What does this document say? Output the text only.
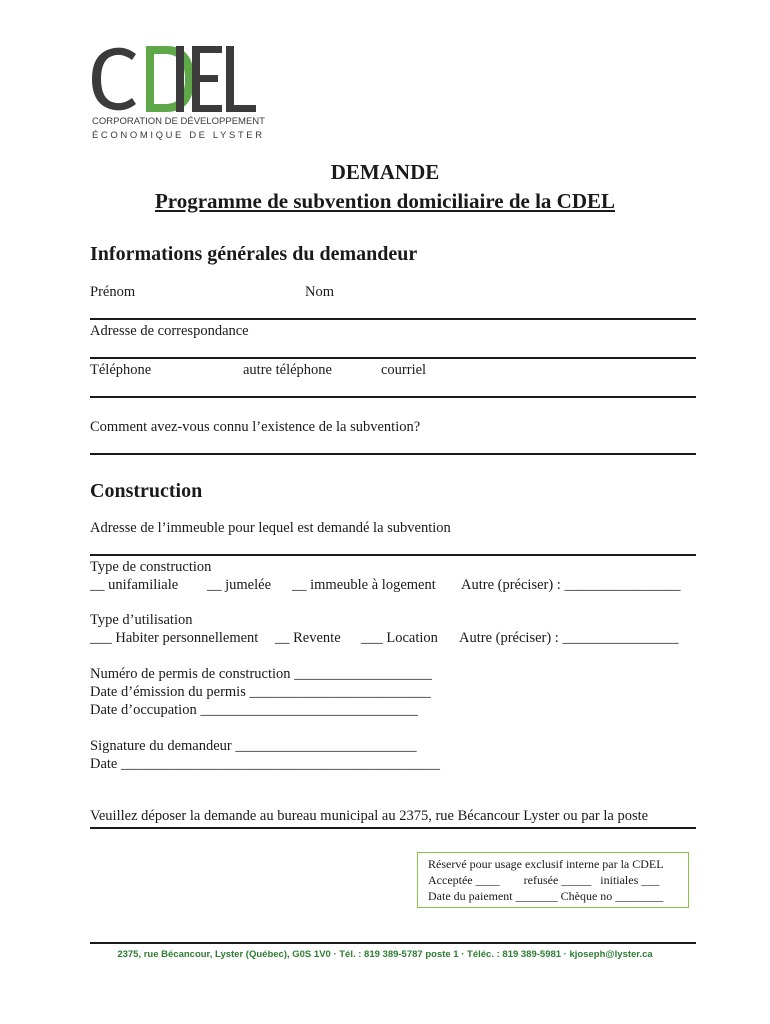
CORPORATION DE DÉVELOPPEMENT
ÉCONOMIQUE DE LYSTER
DEMANDE
Programme de subvention domiciliaire de la CDEL
Informations générales du demandeur
Prénom	Nom
Adresse de correspondance
Téléphone	autre téléphone	courriel
Comment avez-vous connu l’existence de la subvention?
Construction
Adresse de l’immeuble pour lequel est demandé la subvention
Type de construction
__ unifamiliale __ jumelée __ immeuble à logement Autre (préciser) : ________________
Type d’utilisation
___ Habiter personnellement __ Revente ___ Location Autre (préciser) : ________________
Numéro de permis de construction ___________________
Date d’émission du permis _________________________
Date d’occupation ______________________________
Signature du demandeur _________________________
Date ____________________________________________
Veuillez déposer la demande au bureau municipal au 2375, rue Bécancour Lyster ou par la poste
Réservé pour usage exclusif interne par la CDEL
Acceptée ____        refusée _____   initiales ___
Date du paiement _______ Chèque no ________
2375, rue Bécancour, Lyster (Québec), G0S 1V0 · Tél. : 819 389-5787 poste 1 · Téléc. : 819 389-5981 · kjoseph@lyster.ca
